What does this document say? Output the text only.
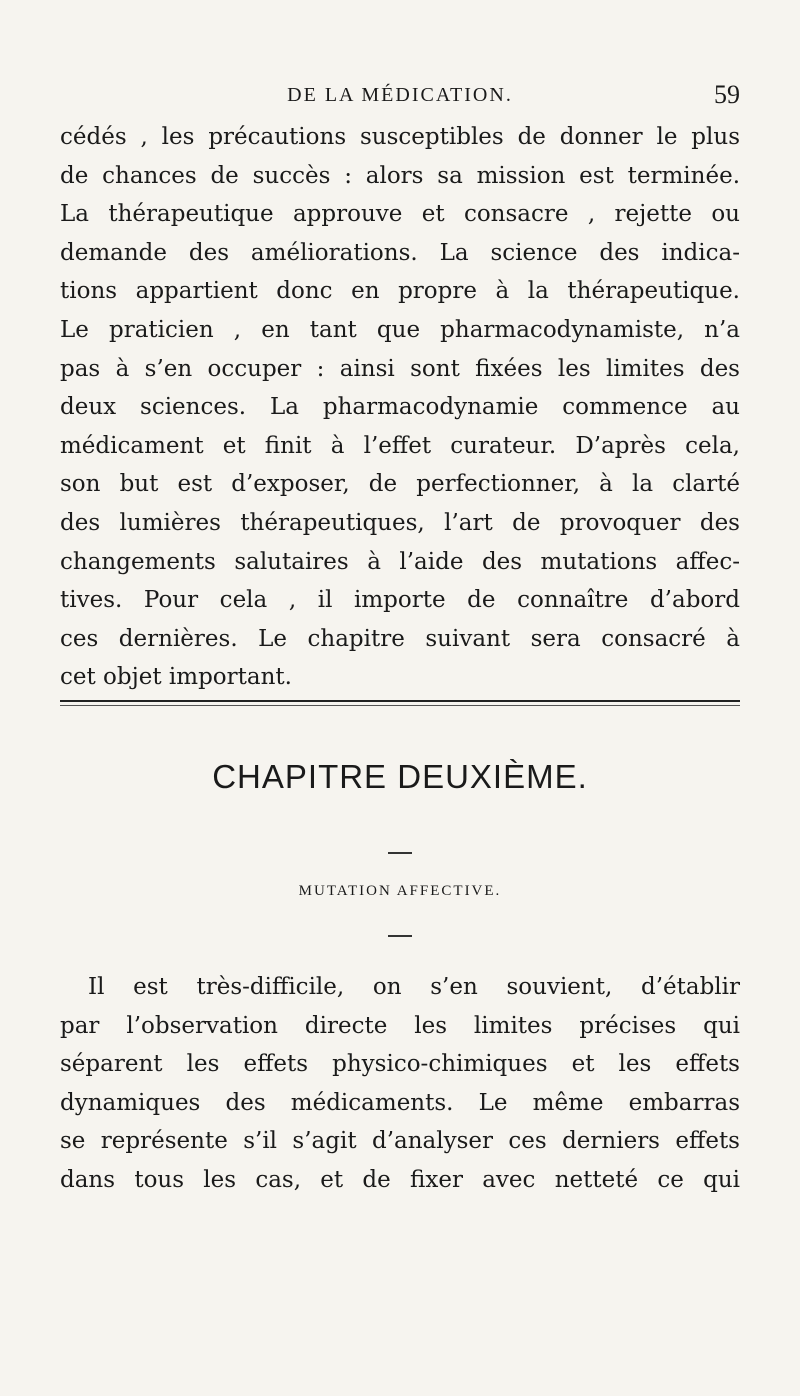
DE LA MÉDICATION.	59
cédés , les précautions susceptibles de donner le plus
de chances de succès : alors sa mission est terminée.
La thérapeutique approuve et consacre , rejette ou
demande des améliorations. La science des indica-
tions appartient donc en propre à la thérapeutique.
Le praticien , en tant que pharmacodynamiste, n’a
pas à s’en occuper : ainsi sont fixées les limites des
deux sciences. La pharmacodynamie commence au
médicament et finit à l’effet curateur. D’après cela,
son but est d’exposer, de perfectionner, à la clarté
des lumières thérapeutiques, l’art de provoquer des
changements salutaires à l’aide des mutations affec-
tives. Pour cela , il importe de connaître d’abord
ces dernières. Le chapitre suivant sera consacré à
cet objet important.
CHAPITRE DEUXIÈME.
MUTATION AFFECTIVE.
Il est très-difficile, on s’en souvient, d’établir
par l’observation directe les limites précises qui
séparent les effets physico-chimiques et les effets
dynamiques des médicaments. Le même embarras
se représente s’il s’agit d’analyser ces derniers effets
dans tous les cas, et de fixer avec netteté ce qui
